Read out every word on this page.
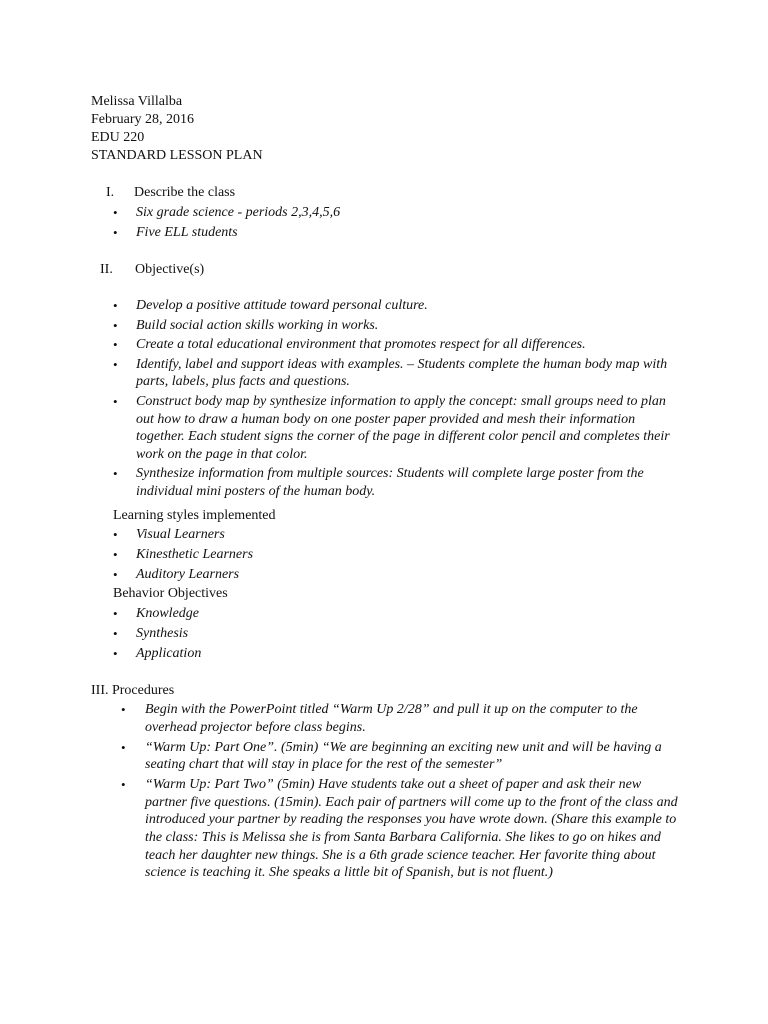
Melissa Villalba
February 28, 2016
EDU 220
STANDARD LESSON PLAN
I. Describe the class
• Six grade science - periods 2,3,4,5,6
• Five ELL students
II. Objective(s)
• Develop a positive attitude toward personal culture.
• Build social action skills working in works.
• Create a total educational environment that promotes respect for all differences.
• Identify, label and support ideas with examples. – Students complete the human body map with parts, labels, plus facts and questions.
• Construct body map by synthesize information to apply the concept: small groups need to plan out how to draw a human body on one poster paper provided and mesh their information together. Each student signs the corner of the page in different color pencil and completes their work on the page in that color.
• Synthesize information from multiple sources: Students will complete large poster from the individual mini posters of the human body.
Learning styles implemented
• Visual Learners
• Kinesthetic Learners
• Auditory Learners
Behavior Objectives
• Knowledge
• Synthesis
• Application
III. Procedures
• Begin with the PowerPoint titled “Warm Up 2/28” and pull it up on the computer to the overhead projector before class begins.
• “Warm Up: Part One”. (5min) “We are beginning an exciting new unit and will be having a seating chart that will stay in place for the rest of the semester”
• “Warm Up: Part Two” (5min) Have students take out a sheet of paper and ask their new partner five questions. (15min). Each pair of partners will come up to the front of the class and introduced your partner by reading the responses you have wrote down. (Share this example to the class: This is Melissa she is from Santa Barbara California. She likes to go on hikes and teach her daughter new things. She is a 6th grade science teacher. Her favorite thing about science is teaching it. She speaks a little bit of Spanish, but is not fluent.)
